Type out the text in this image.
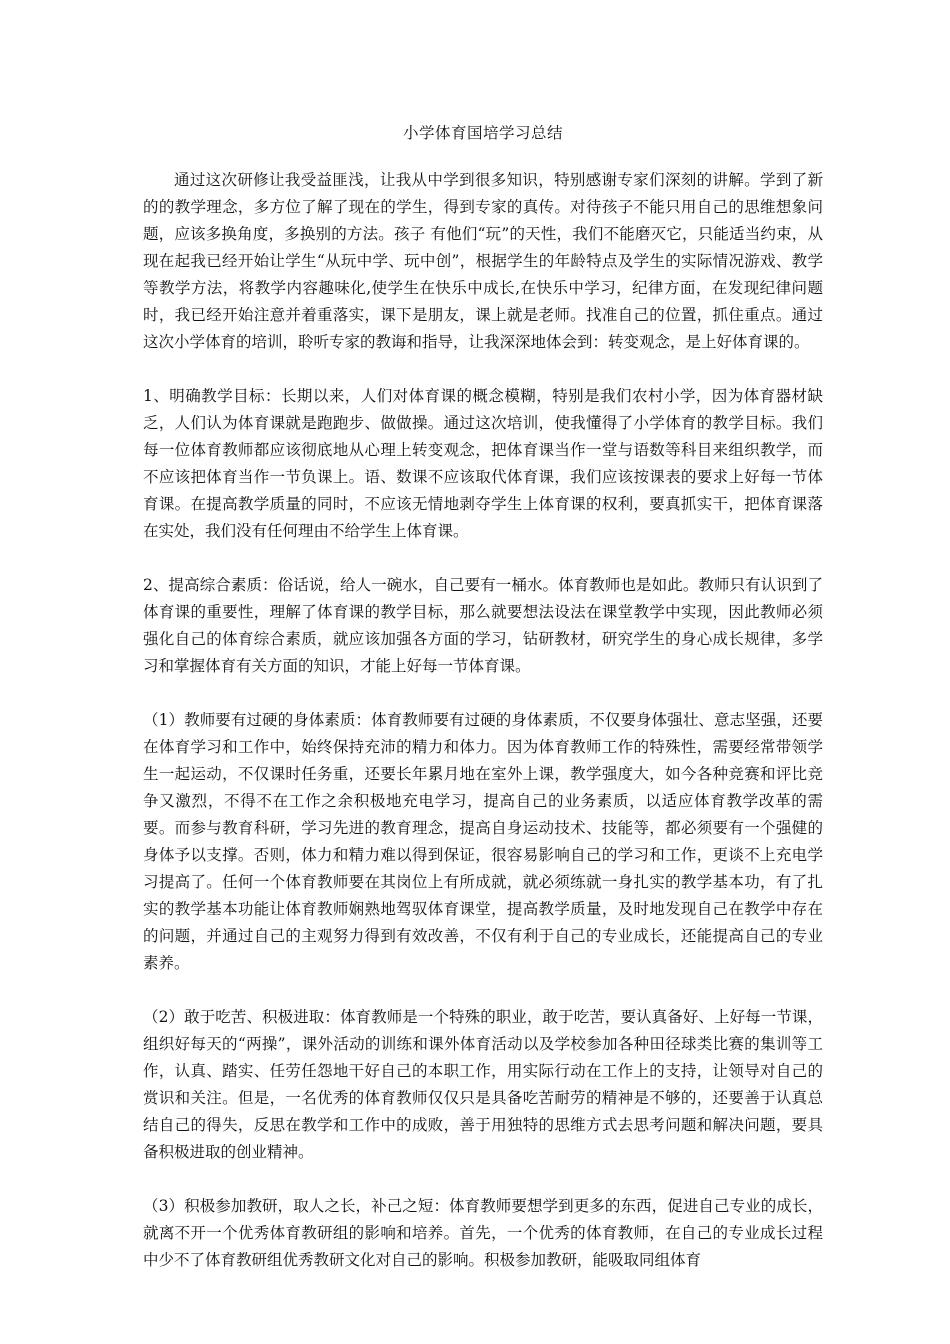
小学体育国培学习总结

通过这次研修让我受益匪浅，让我从中学到很多知识，特别感谢专家们深刻的讲解。学到了新的的教学理念，多方位了解了现在的学生，得到专家的真传。对待孩子不能只用自己的思维想象问题，应该多换角度，多换别的方法。孩子 有他们“玩”的天性，我们不能磨灭它，只能适当约束，从现在起我已经开始让学生“从玩中学、玩中创”，根据学生的年龄特点及学生的实际情况游戏、教学等教学方法，将教学内容趣味化,使学生在快乐中成长,在快乐中学习，纪律方面，在发现纪律问题时，我已经开始注意并着重落实，课下是朋友，课上就是老师。找准自己的位置，抓住重点。通过这次小学体育的培训，聆听专家的教诲和指导，让我深深地体会到：转变观念，是上好体育课的。

1、明确教学目标：长期以来，人们对体育课的概念模糊，特别是我们农村小学，因为体育器材缺乏，人们认为体育课就是跑跑步、做做操。通过这次培训，使我懂得了小学体育的教学目标。我们每一位体育教师都应该彻底地从心理上转变观念，把体育课当作一堂与语数等科目来组织教学，而不应该把体育当作一节负课上。语、数课不应该取代体育课，我们应该按课表的要求上好每一节体育课。在提高教学质量的同时，不应该无情地剥夺学生上体育课的权利，要真抓实干，把体育课落在实处，我们没有任何理由不给学生上体育课。

2、提高综合素质：俗话说，给人一碗水，自己要有一桶水。体育教师也是如此。教师只有认识到了体育课的重要性，理解了体育课的教学目标，那么就要想法设法在课堂教学中实现，因此教师必须强化自己的体育综合素质，就应该加强各方面的学习，钻研教材，研究学生的身心成长规律，多学习和掌握体育有关方面的知识，才能上好每一节体育课。

（1）教师要有过硬的身体素质：体育教师要有过硬的身体素质，不仅要身体强壮、意志坚强，还要在体育学习和工作中，始终保持充沛的精力和体力。因为体育教师工作的特殊性，需要经常带领学生一起运动，不仅课时任务重，还要长年累月地在室外上课，教学强度大，如今各种竞赛和评比竞争又激烈，不得不在工作之余积极地充电学习，提高自己的业务素质，以适应体育教学改革的需要。而参与教育科研，学习先进的教育理念，提高自身运动技术、技能等，都必须要有一个强健的身体予以支撑。否则，体力和精力难以得到保证，很容易影响自己的学习和工作，更谈不上充电学习提高了。任何一个体育教师要在其岗位上有所成就，就必须练就一身扎实的教学基本功，有了扎实的教学基本功能让体育教师娴熟地驾驭体育课堂，提高教学质量，及时地发现自己在教学中存在的问题，并通过自己的主观努力得到有效改善，不仅有利于自己的专业成长，还能提高自己的专业素养。

（2）敢于吃苦、积极进取：体育教师是一个特殊的职业，敢于吃苦，要认真备好、上好每一节课，组织好每天的“两操”，课外活动的训练和课外体育活动以及学校参加各种田径球类比赛的集训等工作，认真、踏实、任劳任怨地干好自己的本职工作，用实际行动在工作上的支持，让领导对自己的赏识和关注。但是，一名优秀的体育教师仅仅只是具备吃苦耐劳的精神是不够的，还要善于认真总结自己的得失，反思在教学和工作中的成败，善于用独特的思维方式去思考问题和解决问题，要具备积极进取的创业精神。

（3）积极参加教研，取人之长，补己之短：体育教师要想学到更多的东西，促进自己专业的成长，就离不开一个优秀体育教研组的影响和培养。首先，一个优秀的体育教师，在自己的专业成长过程中少不了体育教研组优秀教研文化对自己的影响。积极参加教研，能吸取同组体育
